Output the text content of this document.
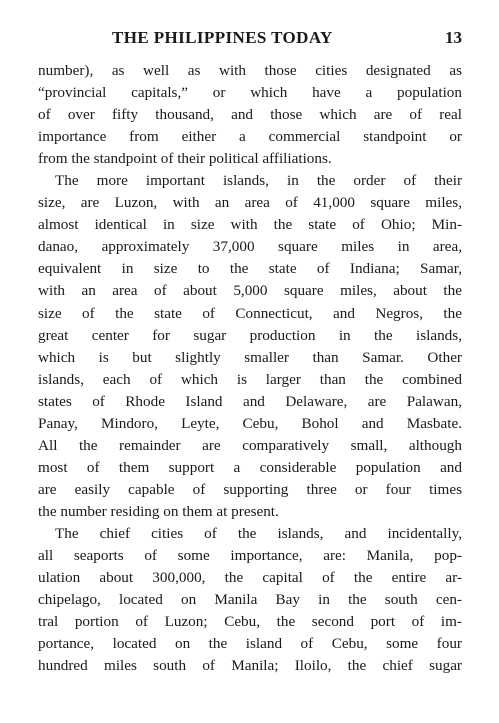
THE PHILIPPINES TODAY	13
number), as well as with those cities designated as
“provincial capitals,” or which have a population
of over fifty thousand, and those which are of real
importance from either a commercial standpoint or
from the standpoint of their political affiliations.
The more important islands, in the order of their
size, are Luzon, with an area of 41,000 square miles,
almost identical in size with the state of Ohio; Min-
danao, approximately 37,000 square miles in area,
equivalent in size to the state of Indiana; Samar,
with an area of about 5,000 square miles, about the
size of the state of Connecticut, and Negros, the
great center for sugar production in the islands,
which is but slightly smaller than Samar. Other
islands, each of which is larger than the combined
states of Rhode Island and Delaware, are Palawan,
Panay, Mindoro, Leyte, Cebu, Bohol and Masbate.
All the remainder are comparatively small, although
most of them support a considerable population and
are easily capable of supporting three or four times
the number residing on them at present.
The chief cities of the islands, and incidentally,
all seaports of some importance, are: Manila, pop-
ulation about 300,000, the capital of the entire ar-
chipelago, located on Manila Bay in the south cen-
tral portion of Luzon; Cebu, the second port of im-
portance, located on the island of Cebu, some four
hundred miles south of Manila; Iloilo, the chief sugar
